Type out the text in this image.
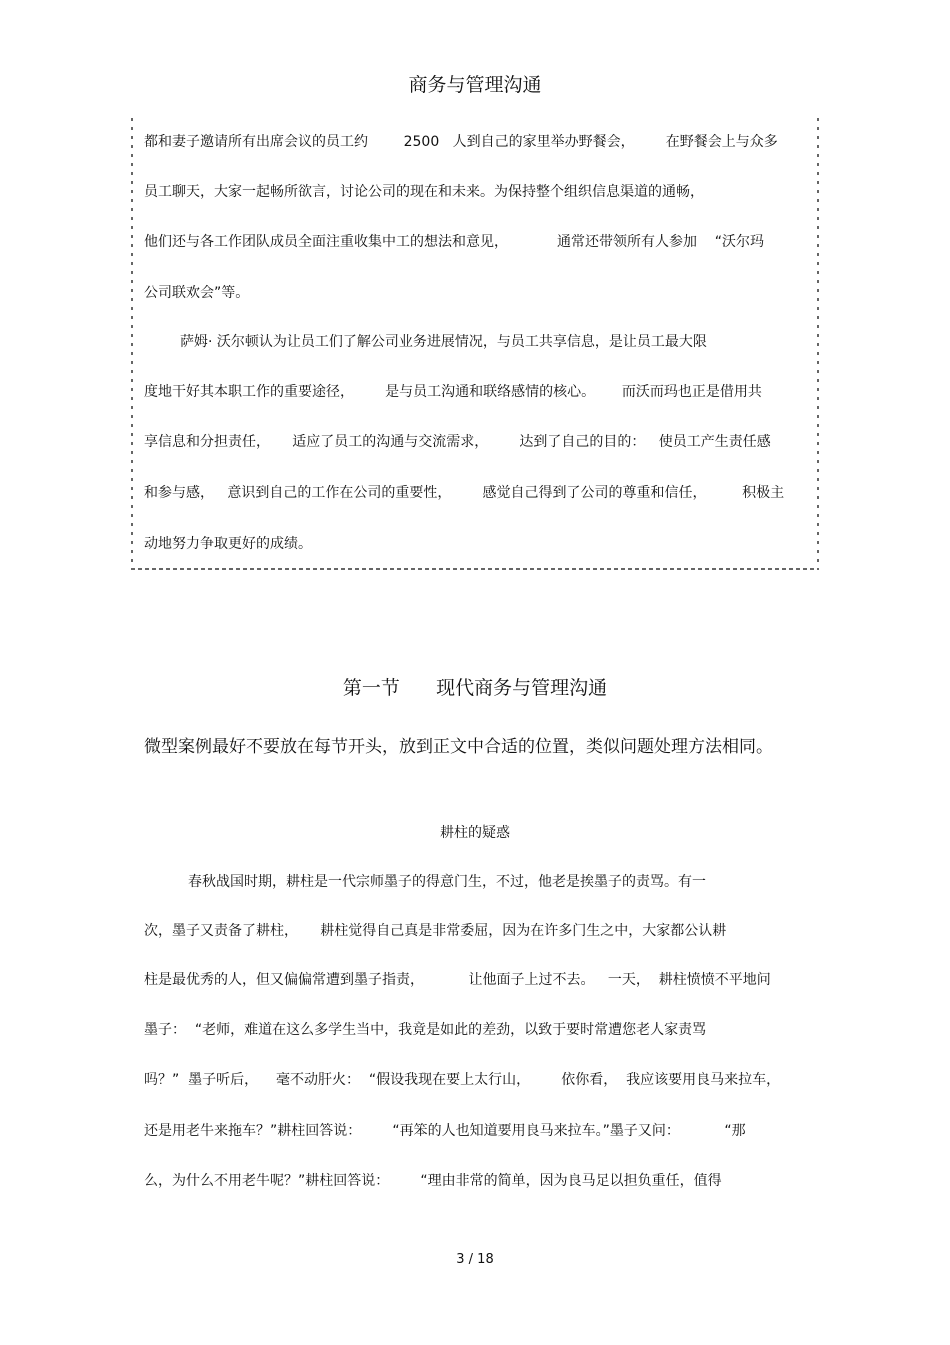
商务与管理沟通
都和妻子邀请所有出席会议的员工约        2500   人到自己的家里举办野餐会，       在野餐会上与众多
员工聊天，大家一起畅所欲言，讨论公司的现在和未来。为保持整个组织信息渠道的通畅，
他们还与各工作团队成员全面注重收集中工的想法和意见，           通常还带领所有人参加    “沃尔玛
公司联欢会”等。
萨姆· 沃尔顿认为让员工们了解公司业务进展情况，与员工共享信息，是让员工最大限
度地干好其本职工作的重要途径，       是与员工沟通和联络感情的核心。      而沃而玛也正是借用共
享信息和分担责任，     适应了员工的沟通与交流需求，       达到了自己的目的：   使员工产生责任感
和参与感，   意识到自己的工作在公司的重要性，       感觉自己得到了公司的尊重和信任，        积极主
动地努力争取更好的成绩。
第一节      现代商务与管理沟通
微型案例最好不要放在每节开头，放到正文中合适的位置，类似问题处理方法相同。
耕柱的疑惑
春秋战国时期，耕柱是一代宗师墨子的得意门生，不过，他老是挨墨子的责骂。有一
次，墨子又责备了耕柱，     耕柱觉得自己真是非常委屈，因为在许多门生之中，大家都公认耕
柱是最优秀的人，但又偏偏常遭到墨子指责，          让他面子上过不去。   一天，  耕柱愤愤不平地问
墨子：  “老师，难道在这么多学生当中，我竟是如此的差劲，以致于要时常遭您老人家责骂
吗？”  墨子听后，    毫不动肝火：  “假设我现在要上太行山，       依你看，  我应该要用良马来拉车，
还是用老牛来拖车？”耕柱回答说：       “再笨的人也知道要用良马来拉车。”墨子又问：          “那
么，为什么不用老牛呢？”耕柱回答说：       “理由非常的简单，因为良马足以担负重任，值得
3 / 18
